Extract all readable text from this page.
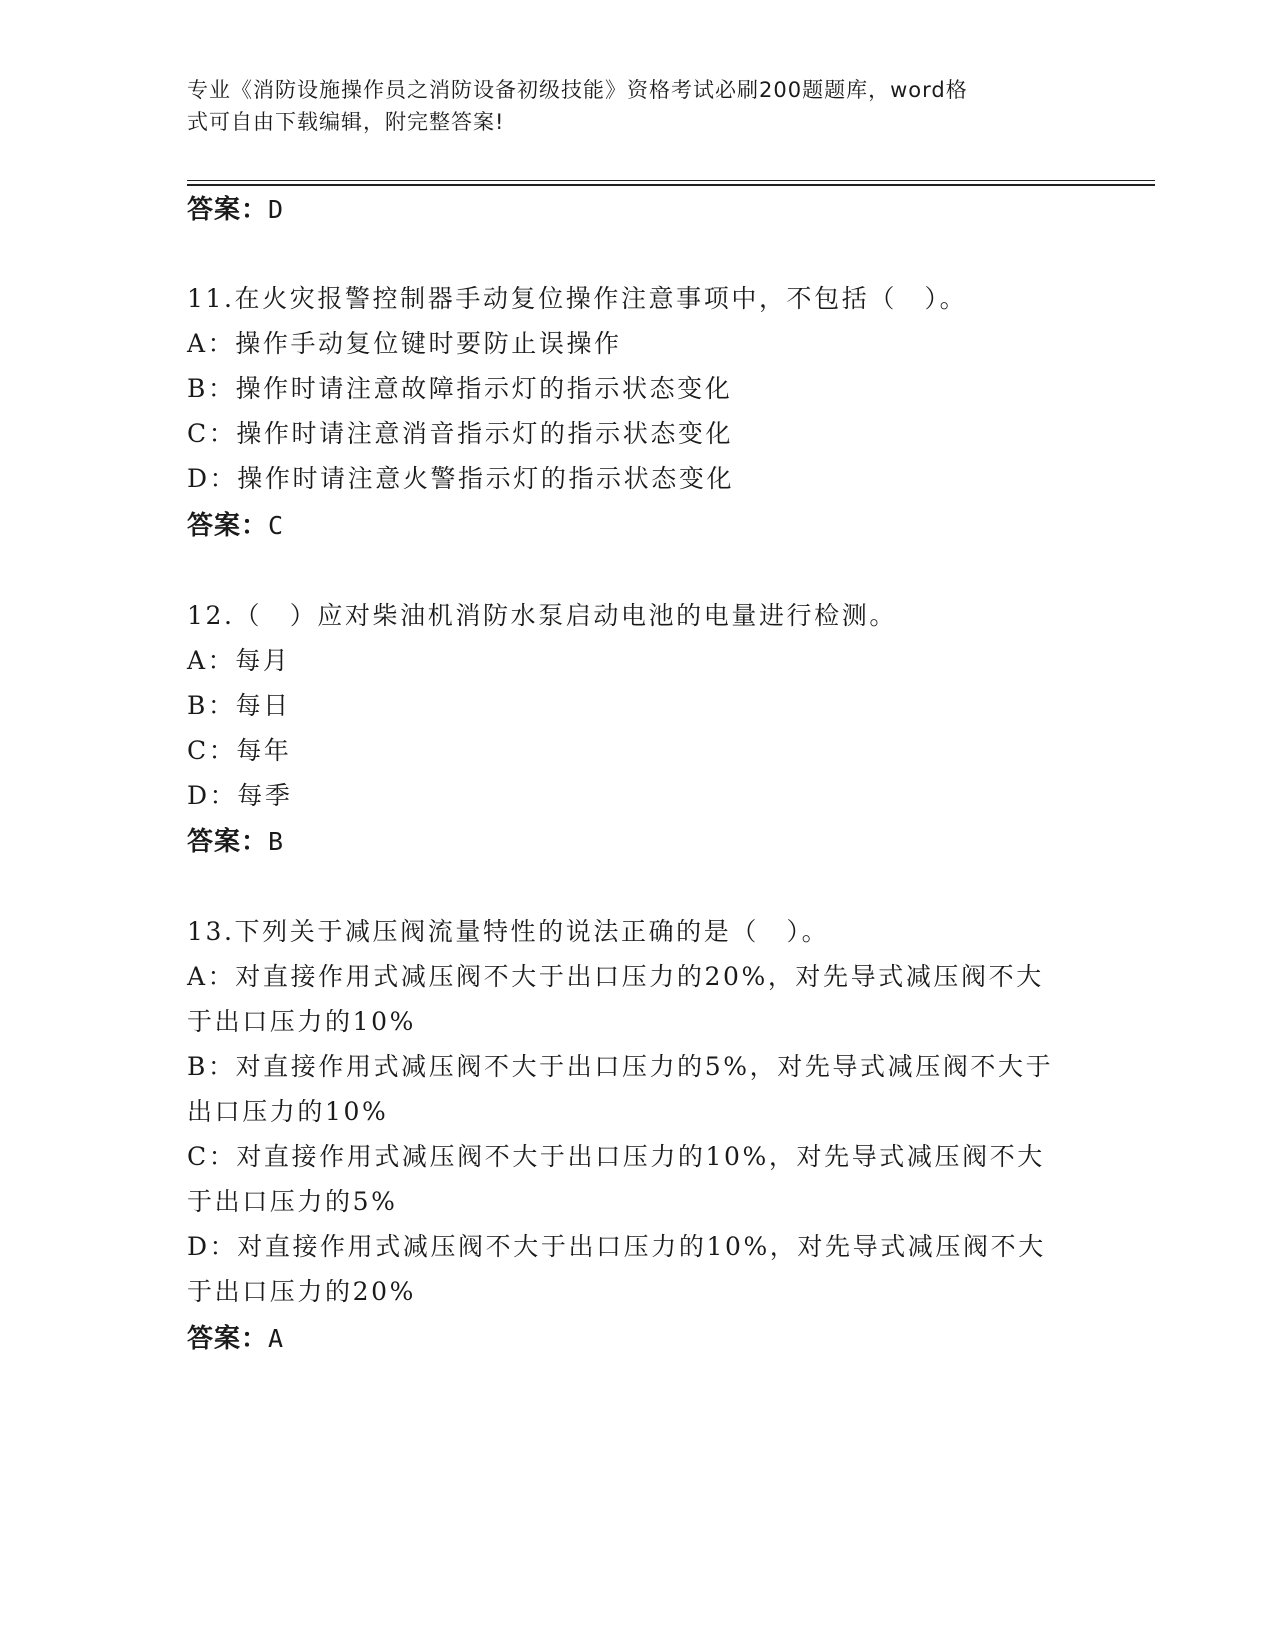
专业《消防设施操作员之消防设备初级技能》资格考试必刷200题题库，word格
式可自由下载编辑，附完整答案!
答案：D
11.在火灾报警控制器手动复位操作注意事项中，不包括（　）。
A：操作手动复位键时要防止误操作
B：操作时请注意故障指示灯的指示状态变化
C：操作时请注意消音指示灯的指示状态变化
D：操作时请注意火警指示灯的指示状态变化
答案：C
12.（　）应对柴油机消防水泵启动电池的电量进行检测。
A：每月
B：每日
C：每年
D：每季
答案：B
13.下列关于减压阀流量特性的说法正确的是（　）。
A：对直接作用式减压阀不大于出口压力的20%，对先导式减压阀不大
于出口压力的10%
B：对直接作用式减压阀不大于出口压力的5%，对先导式减压阀不大于
出口压力的10%
C：对直接作用式减压阀不大于出口压力的10%，对先导式减压阀不大
于出口压力的5%
D：对直接作用式减压阀不大于出口压力的10%，对先导式减压阀不大
于出口压力的20%
答案：A
